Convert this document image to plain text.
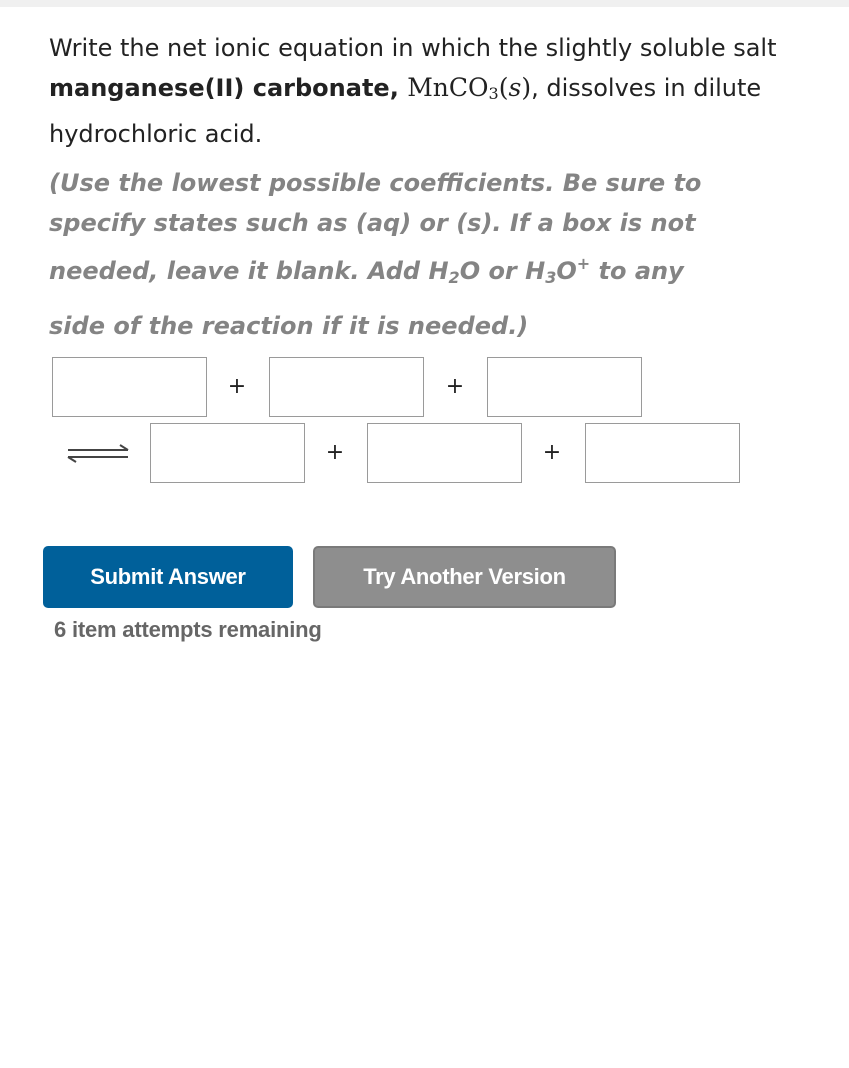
Write the net ionic equation in which the slightly soluble salt manganese(II) carbonate, MnCO$_3$(s), dissolves in dilute hydrochloric acid.
(Use the lowest possible coefficients. Be sure to
specify states such as (aq) or (s). If a box is not
needed, leave it blank. Add $H_2O$ or $H_3O^+$ to any
side of the reaction if it is needed.)
+	+
+	+
Submit Answer	Try Another Version
6 item attempts remaining
